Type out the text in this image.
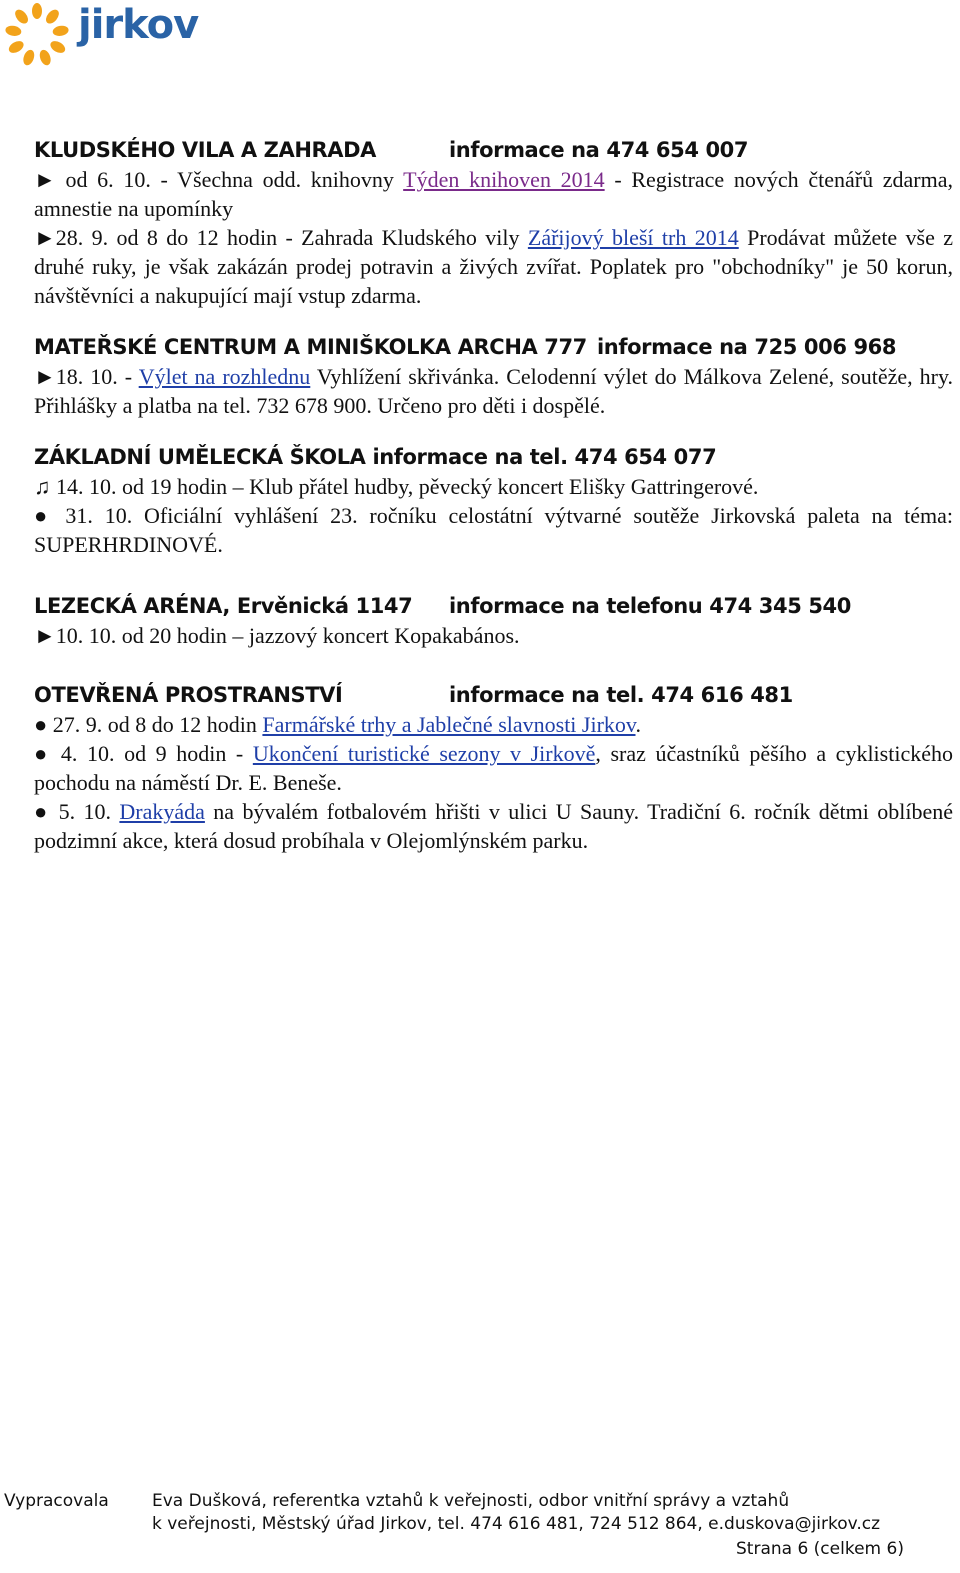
jirkov
KLUDSKÉHO VILA A ZAHRADA	informace na 474 654 007
► od 6. 10. - Všechna odd. knihovny Týden knihoven 2014 - Registrace nových čtenářů zdarma, amnestie na upomínky
►28. 9. od 8 do 12 hodin - Zahrada Kludského vily Zářijový bleší trh 2014 Prodávat můžete vše z druhé ruky, je však zakázán prodej potravin a živých zvířat. Poplatek pro "obchodníky" je 50 korun, návštěvníci a nakupující mají vstup zdarma.
MATEŘSKÉ CENTRUM A MINIŠKOLKA ARCHA 777 informace na 725 006 968
►18. 10. - Výlet na rozhlednu Vyhlížení skřivánka. Celodenní výlet do Málkova Zelené, soutěže, hry. Přihlášky a platba na tel. 732 678 900. Určeno pro děti i dospělé.
ZÁKLADNÍ UMĚLECKÁ ŠKOLA informace na tel. 474 654 077
♫ 14. 10. od 19 hodin – Klub přátel hudby, pěvecký koncert Elišky Gattringerové.
● 31. 10. Oficiální vyhlášení 23. ročníku celostátní výtvarné soutěže Jirkovská paleta na téma: SUPERHRDINOVÉ.
LEZECKÁ ARÉNA, Ervěnická 1147 informace na telefonu 474 345 540
►10. 10. od 20 hodin – jazzový koncert Kopakabános.
OTEVŘENÁ PROSTRANSTVÍ	informace na tel. 474 616 481
● 27. 9. od 8 do 12 hodin Farmářské trhy a Jablečné slavnosti Jirkov.
● 4. 10. od 9 hodin - Ukončení turistické sezony v Jirkově, sraz účastníků pěšího a cyklistického pochodu na náměstí Dr. E. Beneše.
● 5. 10. Drakyáda na bývalém fotbalovém hřišti v ulici U Sauny. Tradiční 6. ročník dětmi oblíbené podzimní akce, která dosud probíhala v Olejomlýnském parku.
Vypracovala	Eva Dušková, referentka vztahů k veřejnosti, odbor vnitřní správy a vztahů
k veřejnosti, Městský úřad Jirkov, tel. 474 616 481, 724 512 864, e.duskova@jirkov.cz
Strana 6 (celkem 6)
